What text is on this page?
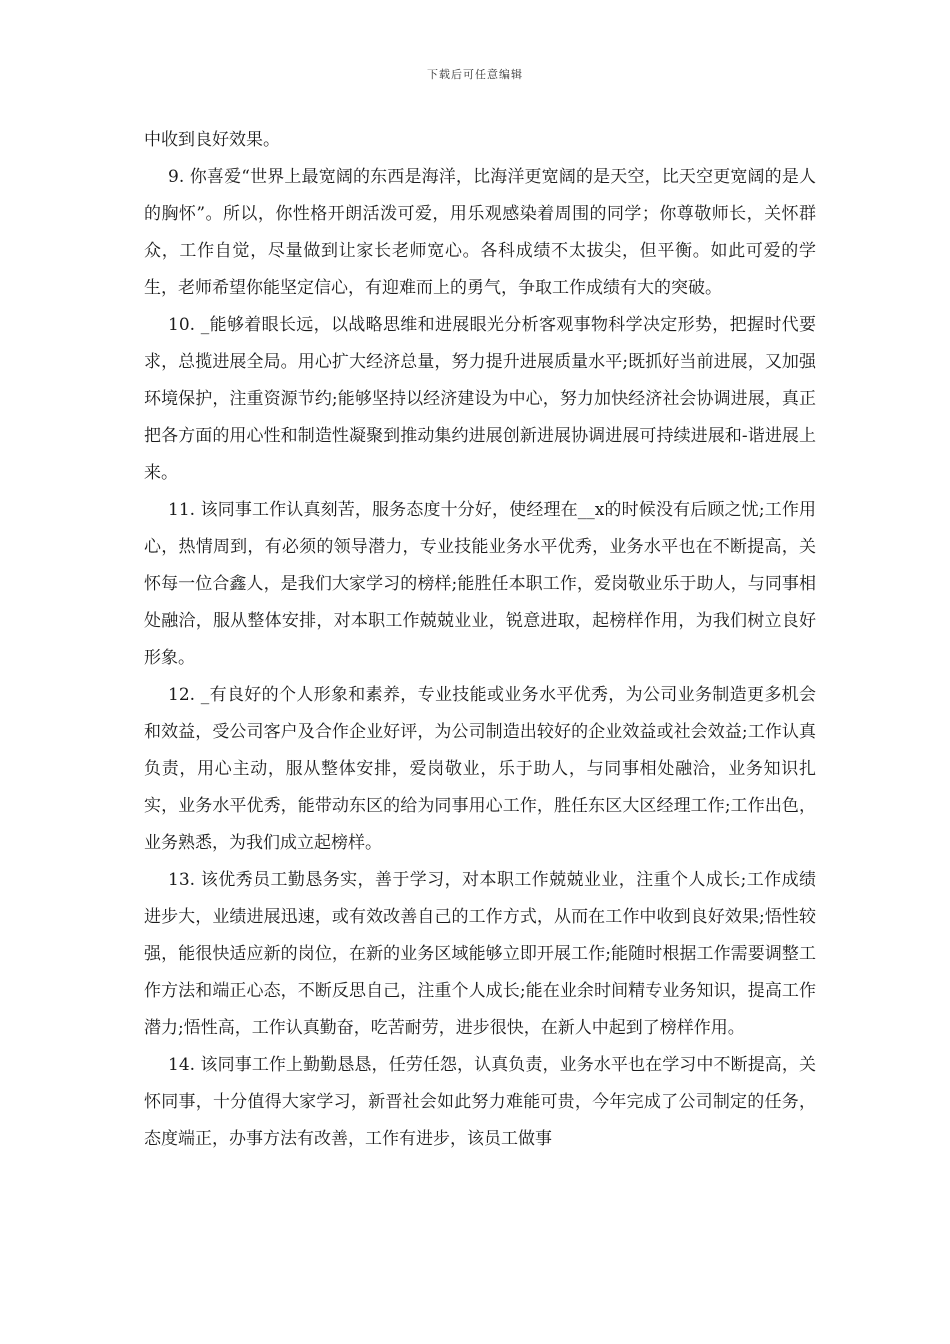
下载后可任意编辑

中收到良好效果。

9. 你喜爱“世界上最宽阔的东西是海洋，比海洋更宽阔的是天空，比天空更宽阔的是人的胸怀”。所以，你性格开朗活泼可爱，用乐观感染着周围的同学；你尊敬师长，关怀群众，工作自觉，尽量做到让家长老师宽心。各科成绩不太拔尖，但平衡。如此可爱的学生，老师希望你能坚定信心，有迎难而上的勇气，争取工作成绩有大的突破。

10. _能够着眼长远，以战略思维和进展眼光分析客观事物科学决定形势，把握时代要求，总揽进展全局。用心扩大经济总量，努力提升进展质量水平;既抓好当前进展，又加强环境保护，注重资源节约;能够坚持以经济建设为中心，努力加快经济社会协调进展，真正把各方面的用心性和制造性凝聚到推动集约进展创新进展协调进展可持续进展和-谐进展上来。

11. 该同事工作认真刻苦，服务态度十分好，使经理在__x的时候没有后顾之忧;工作用心，热情周到，有必须的领导潜力，专业技能业务水平优秀，业务水平也在不断提高，关怀每一位合鑫人，是我们大家学习的榜样;能胜任本职工作，爱岗敬业乐于助人，与同事相处融洽，服从整体安排，对本职工作兢兢业业，锐意进取，起榜样作用，为我们树立良好形象。

12. _有良好的个人形象和素养，专业技能或业务水平优秀，为公司业务制造更多机会和效益，受公司客户及合作企业好评，为公司制造出较好的企业效益或社会效益;工作认真负责，用心主动，服从整体安排，爱岗敬业，乐于助人，与同事相处融洽，业务知识扎实，业务水平优秀，能带动东区的给为同事用心工作，胜任东区大区经理工作;工作出色，业务熟悉，为我们成立起榜样。

13. 该优秀员工勤恳务实，善于学习，对本职工作兢兢业业，注重个人成长;工作成绩进步大，业绩进展迅速，或有效改善自己的工作方式，从而在工作中收到良好效果;悟性较强，能很快适应新的岗位，在新的业务区域能够立即开展工作;能随时根据工作需要调整工作方法和端正心态，不断反思自己，注重个人成长;能在业余时间精专业务知识，提高工作潜力;悟性高，工作认真勤奋，吃苦耐劳，进步很快，在新人中起到了榜样作用。

14. 该同事工作上勤勤恳恳，任劳任怨，认真负责，业务水平也在学习中不断提高，关怀同事，十分值得大家学习，新晋社会如此努力难能可贵，今年完成了公司制定的任务，态度端正，办事方法有改善，工作有进步，该员工做事
